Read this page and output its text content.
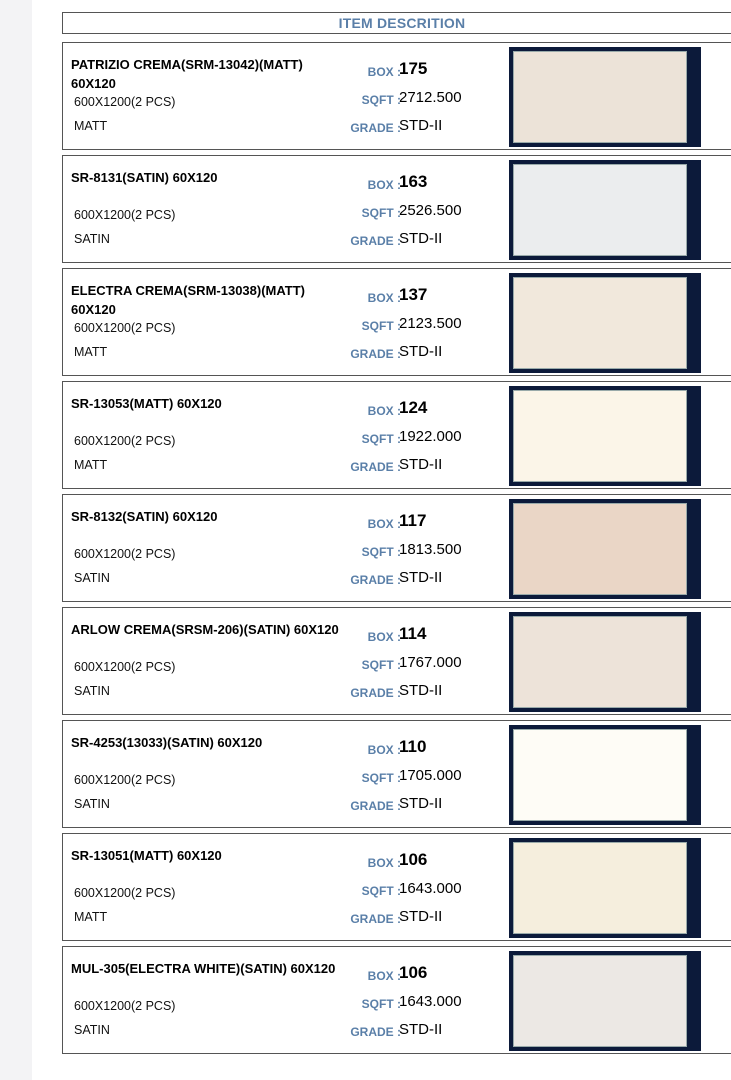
ITEM DESCRITION
PATRIZIO CREMA(SRM-13042)(MATT) 60X120
600X1200(2 PCS)
MATT
BOX :
175
SQFT :
2712.500
GRADE :
STD-II
SR-8131(SATIN) 60X120
600X1200(2 PCS)
SATIN
BOX :
163
SQFT :
2526.500
GRADE :
STD-II
ELECTRA CREMA(SRM-13038)(MATT) 60X120
600X1200(2 PCS)
MATT
BOX :
137
SQFT :
2123.500
GRADE :
STD-II
SR-13053(MATT) 60X120
600X1200(2 PCS)
MATT
BOX :
124
SQFT :
1922.000
GRADE :
STD-II
SR-8132(SATIN) 60X120
600X1200(2 PCS)
SATIN
BOX :
117
SQFT :
1813.500
GRADE :
STD-II
ARLOW CREMA(SRSM-206)(SATIN) 60X120
600X1200(2 PCS)
SATIN
BOX :
114
SQFT :
1767.000
GRADE :
STD-II
SR-4253(13033)(SATIN) 60X120
600X1200(2 PCS)
SATIN
BOX :
110
SQFT :
1705.000
GRADE :
STD-II
SR-13051(MATT) 60X120
600X1200(2 PCS)
MATT
BOX :
106
SQFT :
1643.000
GRADE :
STD-II
MUL-305(ELECTRA WHITE)(SATIN) 60X120
600X1200(2 PCS)
SATIN
BOX :
106
SQFT :
1643.000
GRADE :
STD-II
